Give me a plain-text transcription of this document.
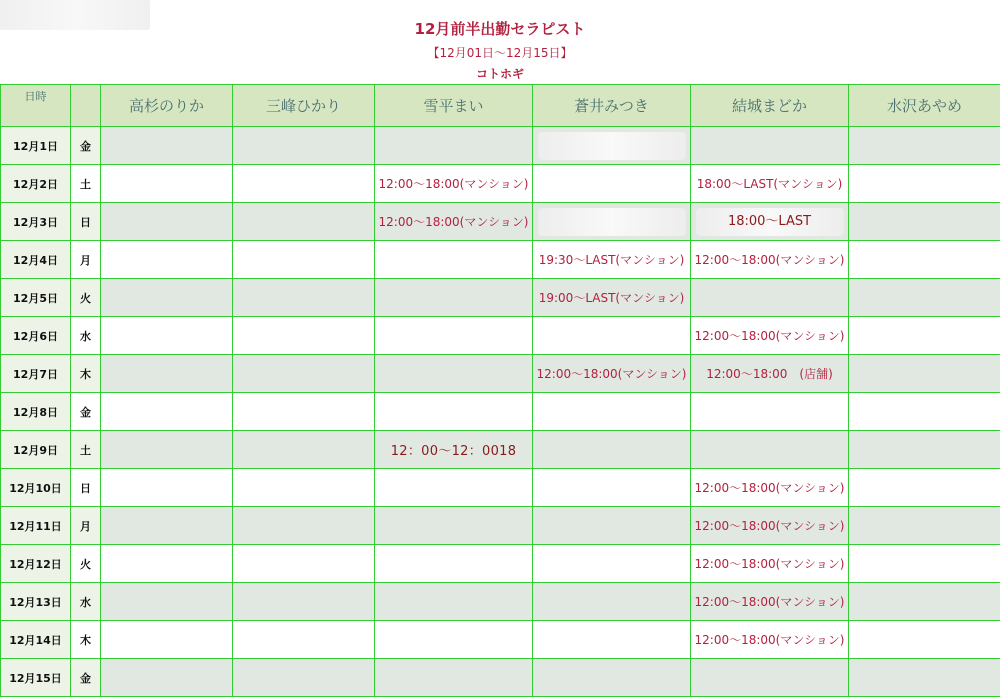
12月前半出勤セラピスト
【12月01日〜12月15日】
コトホギ
日時		高杉のりか	三峰ひかり	雪平まい	蒼井みつき	結城まどか	水沢あやめ
12月1日	金				

12月2日	土			12:00〜18:00(マンション)		18:00〜LAST(マンション)	
12月3日	日			12:00〜18:00(マンション)		18:00〜LAST	

12月4日	月				19:30〜LAST(マンション)	12:00〜18:00(マンション)	
12月5日	火				19:00〜LAST(マンション)		
12月6日	水					12:00〜18:00(マンション)	
12月7日	木				12:00〜18:00(マンション)	12:00〜18:00　(店舗)	
12月8日	金						
12月9日	土			12：00〜12：0018			
12月10日	日					12:00〜18:00(マンション)	
12月11日	月					12:00〜18:00(マンション)	
12月12日	火					12:00〜18:00(マンション)	
12月13日	水					12:00〜18:00(マンション)	
12月14日	木					12:00〜18:00(マンション)	
12月15日	金						
